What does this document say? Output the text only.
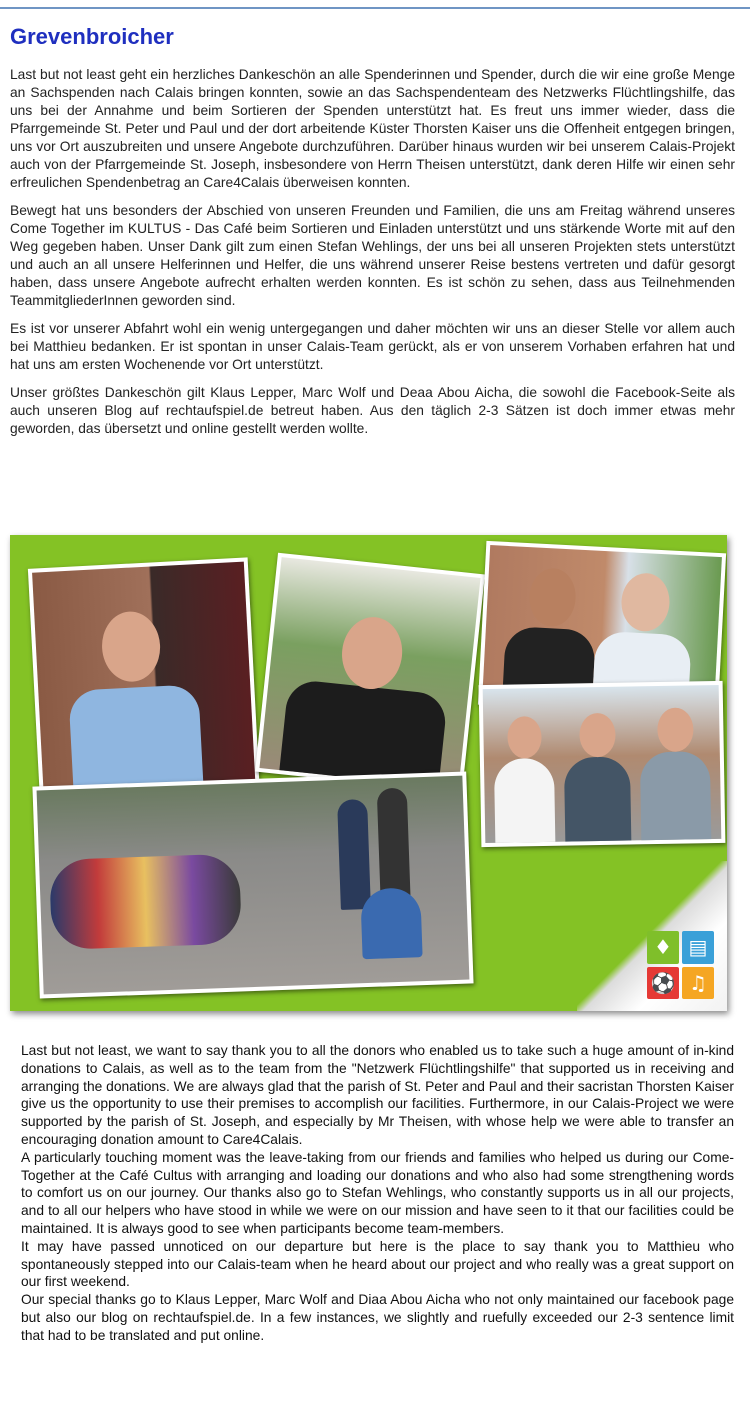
Grevenbroicher

Last but not least geht ein herzliches Dankeschön an alle Spenderinnen und Spender, durch die wir eine große Menge an Sachspenden nach Calais bringen konnten, sowie an das Sachspendenteam des Netzwerks Flüchtlingshilfe, das uns bei der Annahme und beim Sortieren der Spenden unterstützt hat. Es freut uns immer wieder, dass die Pfarrgemeinde St. Peter und Paul und der dort arbeitende Küster Thorsten Kaiser uns die Offenheit entgegen bringen, uns vor Ort auszubreiten und unsere Angebote durchzuführen. Darüber hinaus wurden wir bei unserem Calais-Projekt auch von der Pfarrgemeinde St. Joseph, insbesondere von Herrn Theisen unterstützt, dank deren Hilfe wir einen sehr erfreulichen Spendenbetrag an Care4Calais überweisen konnten.

Bewegt hat uns besonders der Abschied von unseren Freunden und Familien, die uns am Freitag während unseres Come Together im KULTUS - Das Café beim Sortieren und Einladen unterstützt und uns stärkende Worte mit auf den Weg gegeben haben. Unser Dank gilt zum einen Stefan Wehlings, der uns bei all unseren Projekten stets unterstützt und auch an all unsere Helferinnen und Helfer, die uns während unserer Reise bestens vertreten und dafür gesorgt haben, dass unsere Angebote aufrecht erhalten werden konnten. Es ist schön zu sehen, dass aus Teilnehmenden TeammitgliederInnen geworden sind.

Es ist vor unserer Abfahrt wohl ein wenig untergegangen und daher möchten wir uns an dieser Stelle vor allem auch bei Matthieu bedanken. Er ist spontan in unser Calais-Team gerückt, als er von unserem Vorhaben erfahren hat und hat uns am ersten Wochenende vor Ort unterstützt.

Unser größtes Dankeschön gilt Klaus Lepper, Marc Wolf und Deaa Abou Aicha, die sowohl die Facebook-Seite als auch unseren Blog auf rechtaufspiel.de betreut haben. Aus den täglich 2-3 Sätzen ist doch immer etwas mehr geworden, das übersetzt und online gestellt werden wollte.

♦ ▤
⚽ ♫

Last but not least, we want to say thank you to all the donors who enabled us to take such a huge amount of in-kind donations to Calais, as well as to the team from the "Netzwerk Flüchtlingshilfe" that supported us in receiving and arranging the donations. We are always glad that the parish of St. Peter and Paul and their sacristan Thorsten Kaiser give us the opportunity to use their premises to accomplish our facilities. Furthermore, in our Calais-Project we were supported by the parish of St. Joseph, and especially by Mr Theisen, with whose help we were able to transfer an encouraging donation amount to Care4Calais.

A particularly touching moment was the leave-taking from our friends and families who helped us during our Come-Together at the Café Cultus with arranging and loading our donations and who also had some strengthening words to comfort us on our journey. Our thanks also go to Stefan Wehlings, who constantly supports us in all our projects, and to all our helpers who have stood in while we were on our mission and have seen to it that our facilities could be maintained. It is always good to see when participants become team-members.

It may have passed unnoticed on our departure but here is the place to say thank you to Matthieu who spontaneously stepped into our Calais-team when he heard about our project and who really was a great support on our first weekend.

Our special thanks go to Klaus Lepper, Marc Wolf and Diaa Abou Aicha who not only maintained our facebook page but also our blog on rechtaufspiel.de. In a few instances, we slightly and ruefully exceeded our 2-3 sentence limit that had to be translated and put online.
